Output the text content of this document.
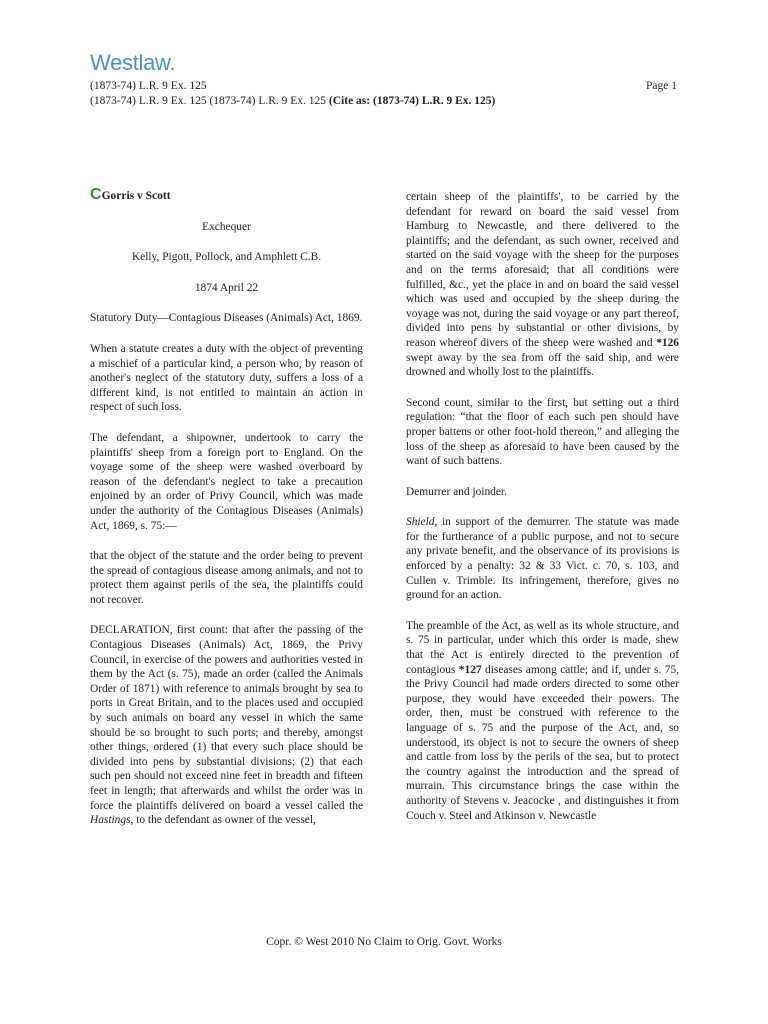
Westlaw.
(1873-74) L.R. 9 Ex. 125
(1873-74) L.R. 9 Ex. 125 (1873-74) L.R. 9 Ex. 125 (Cite as: (1873-74) L.R. 9 Ex. 125)
Page 1

CGorris v Scott

Exchequer

Kelly, Pigott, Pollock, and Amphlett C.B.

1874 April 22

Statutory Duty—Contagious Diseases (Animals) Act, 1869.

When a statute creates a duty with the object of preventing a mischief of a particular kind, a person who, by reason of another's neglect of the statutory duty, suffers a loss of a different kind, is not entitled to maintain an action in respect of such loss.

The defendant, a shipowner, undertook to carry the plaintiffs' sheep from a foreign port to England. On the voyage some of the sheep were washed overboard by reason of the defendant's neglect to take a precaution enjoined by an order of Privy Council, which was made under the authority of the Contagious Diseases (Animals) Act, 1869, s. 75:—

that the object of the statute and the order being to prevent the spread of contagious disease among animals, and not to protect them against perils of the sea, the plaintiffs could not recover.

DECLARATION, first count: that after the passing of the Contagious Diseases (Animals) Act, 1869, the Privy Council, in exercise of the powers and authorities vested in them by the Act (s. 75), made an order (called the Animals Order of 1871) with reference to animals brought by sea to ports in Great Britain, and to the places used and occupied by such animals on board any vessel in which the same should be so brought to such ports; and thereby, amongst other things, ordered (1) that every such place should be divided into pens by substantial divisions; (2) that each such pen should not exceed nine feet in breadth and fifteen feet in length; that afterwards and whilst the order was in force the plaintiffs delivered on board a vessel called the Hastings, to the defendant as owner of the vessel,

certain sheep of the plaintiffs', to be carried by the defendant for reward on board the said vessel from Hamburg to Newcastle, and there delivered to the plaintiffs; and the defendant, as such owner, received and started on the said voyage with the sheep for the purposes and on the terms aforesaid; that all conditions were fulfilled, &c., yet the place in and on board the said vessel which was used and occupied by the sheep during the voyage was not, during the said voyage or any part thereof, divided into pens by substantial or other divisions, by reason whereof divers of the sheep were washed and *126 swept away by the sea from off the said ship, and were drowned and wholly lost to the plaintiffs.

Second count, similar to the first, but setting out a third regulation: “that the floor of each such pen should have proper battens or other foot-hold thereon,” and alleging the loss of the sheep as aforesaid to have been caused by the want of such battens.

Demurrer and joinder.

Shield, in support of the demurrer. The statute was made for the furtherance of a public purpose, and not to secure any private benefit, and the observance of its provisions is enforced by a penalty: 32 & 33 Vict. c. 70, s. 103, and Cullen v. Trimble. Its infringement, therefore, gives no ground for an action.

The preamble of the Act, as well as its whole structure, and s. 75 in particular, under which this order is made, shew that the Act is entirely directed to the prevention of contagious *127 diseases among cattle; and if, under s. 75, the Privy Council had made orders directed to some other purpose, they would have exceeded their powers. The order, then, must be construed with reference to the language of s. 75 and the purpose of the Act, and, so understood, its object is not to secure the owners of sheep and cattle from loss by the perils of the sea, but to protect the country against the introduction and the spread of murrain. This circumstance brings the case within the authority of Stevens v. Jeacocke , and distinguishes it from Couch v. Steel and Atkinson v. Newcastle

Copr. © West 2010 No Claim to Orig. Govt. Works
